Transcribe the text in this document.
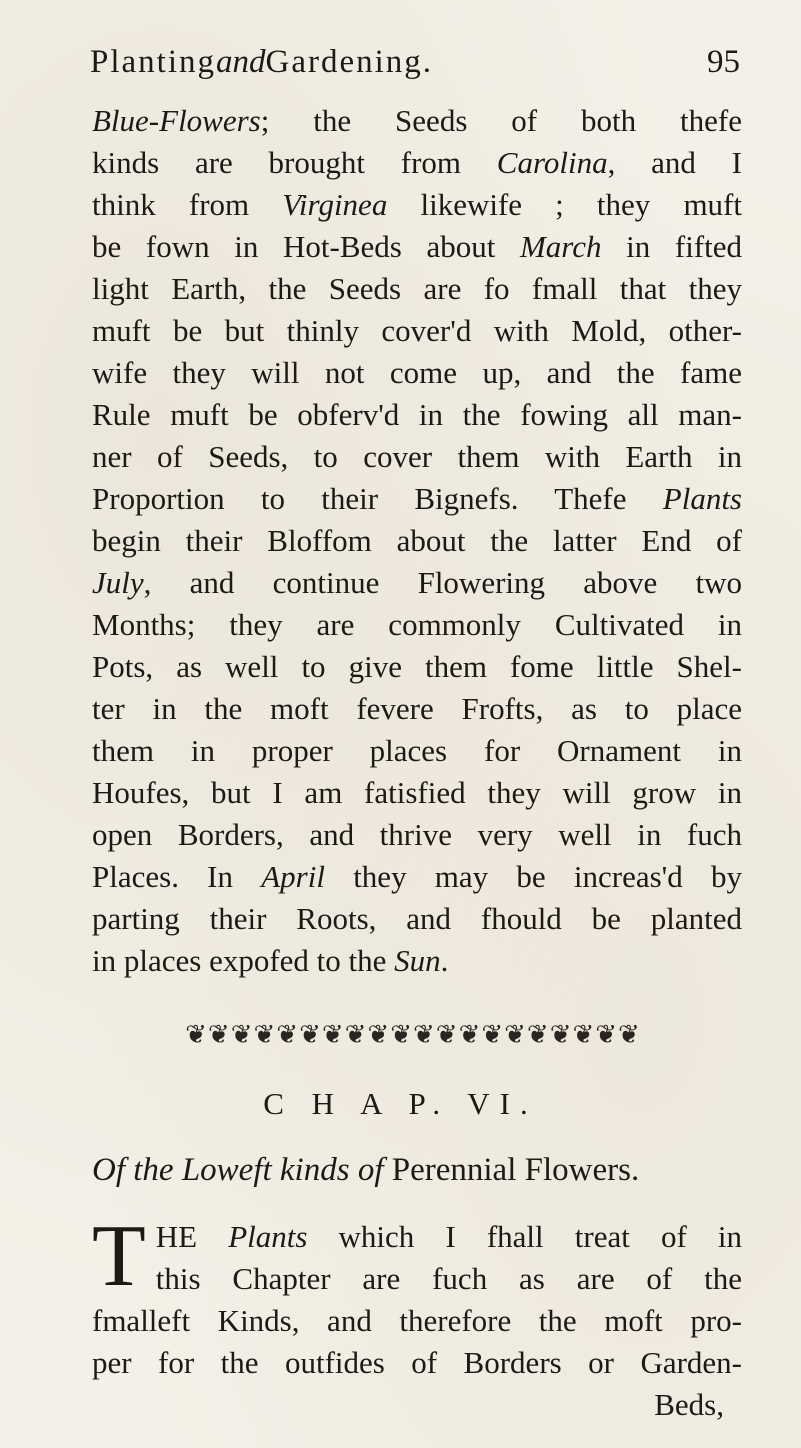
PlantingandGardening.	95
Blue-Flowers; the Seeds of both thefe
kinds are brought from Carolina, and I
think from Virginea likewife ; they muft
be fown in Hot-Beds about March in fifted
light Earth, the Seeds are fo fmall that they
muft be but thinly cover'd with Mold, other-
wife they will not come up, and the fame
Rule muft be obferv'd in the fowing all man-
ner of Seeds, to cover them with Earth in
Proportion to their Bignefs. Thefe Plants
begin their Bloffom about the latter End of
July, and continue Flowering above two
Months; they are commonly Cultivated in
Pots, as well to give them fome little Shel-
ter in the moft fevere Frofts, as to place
them in proper places for Ornament in
Houfes, but I am fatisfied they will grow in
open Borders, and thrive very well in fuch
Places. In April they may be increas'd by
parting their Roots, and fhould be planted
in places expofed to the Sun.
❦❦❦❦❦❦❦❦❦❦❦❦❦❦❦❦❦❦❦❦
C H A P. VI.
Of the Loweft kinds of Perennial Flowers.
T HE Plants which I fhall treat of in
this Chapter are fuch as are of the
fmalleft Kinds, and therefore the moft pro-
per for the outfides of Borders or Garden-
Beds,
